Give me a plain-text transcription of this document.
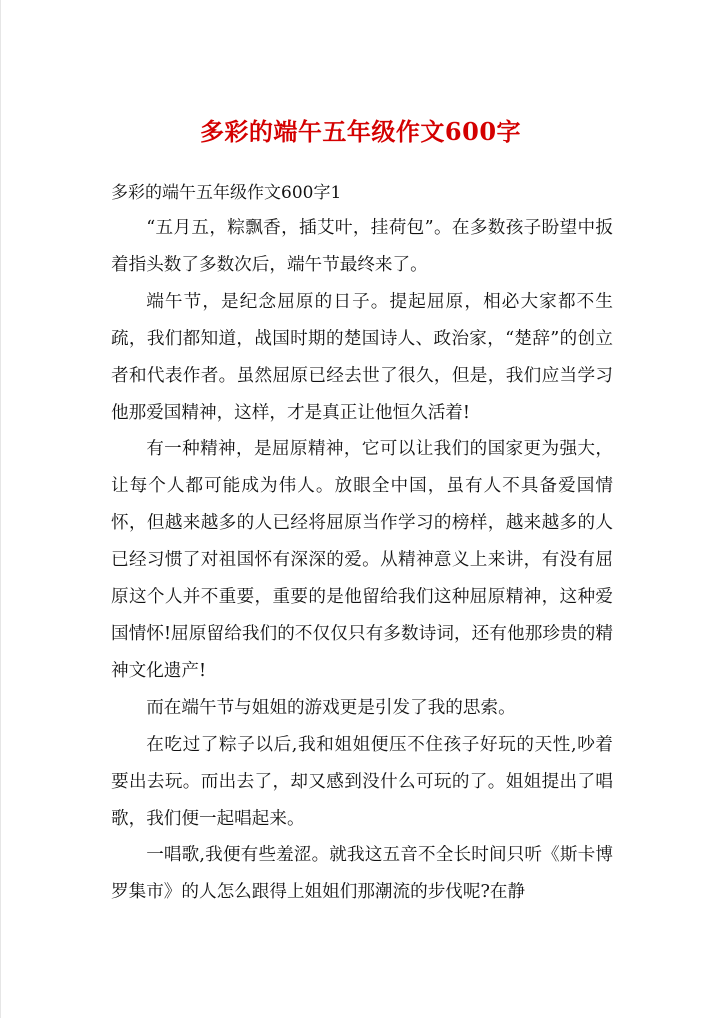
多彩的端午五年级作文600字
多彩的端午五年级作文600字1

“五月五，粽飘香，插艾叶，挂荷包”。在多数孩子盼望中扳着指头数了多数次后，端午节最终来了。

端午节，是纪念屈原的日子。提起屈原，相必大家都不生疏，我们都知道，战国时期的楚国诗人、政治家，“楚辞”的创立者和代表作者。虽然屈原已经去世了很久，但是，我们应当学习他那爱国精神，这样，才是真正让他恒久活着!

有一种精神，是屈原精神，它可以让我们的国家更为强大，让每个人都可能成为伟人。放眼全中国，虽有人不具备爱国情怀，但越来越多的人已经将屈原当作学习的榜样，越来越多的人已经习惯了对祖国怀有深深的爱。从精神意义上来讲，有没有屈原这个人并不重要，重要的是他留给我们这种屈原精神，这种爱国情怀!屈原留给我们的不仅仅只有多数诗词，还有他那珍贵的精神文化遗产!

而在端午节与姐姐的游戏更是引发了我的思索。

在吃过了粽子以后,我和姐姐便压不住孩子好玩的天性,吵着要出去玩。而出去了，却又感到没什么可玩的了。姐姐提出了唱歌，我们便一起唱起来。

一唱歌,我便有些羞涩。就我这五音不全长时间只听《斯卡博罗集市》的人怎么跟得上姐姐们那潮流的步伐呢?在静
